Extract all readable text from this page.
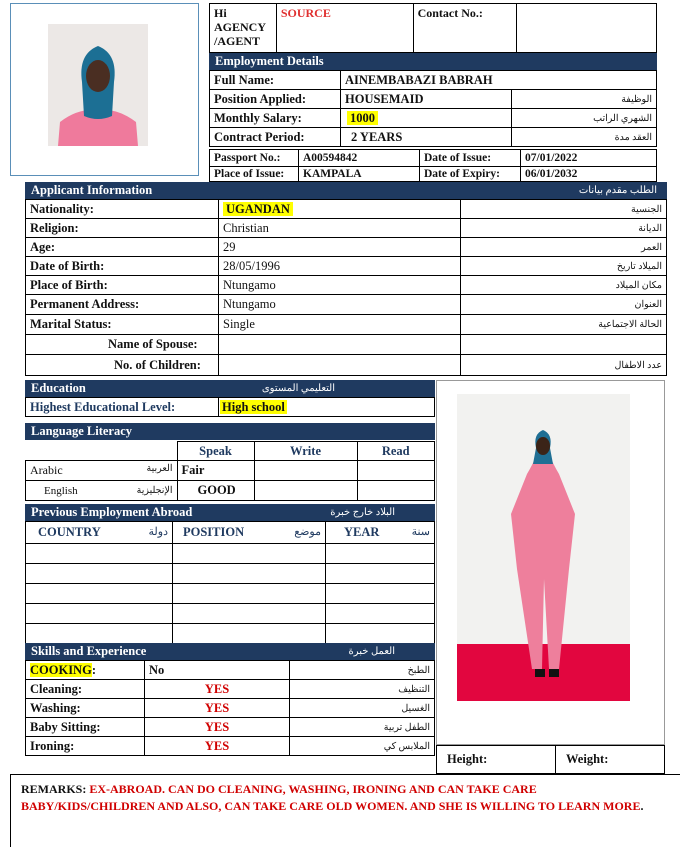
Hi AGENCY /AGENT	SOURCE	Contact No.:	
Employment Details
Full Name:	AINEMBABAZI BABRAH	
Position Applied:	HOUSEMAID	الوظيفة
Monthly Salary:	1000	الشهري الراتب
Contract Period:	2 YEARS	العقد مدة
Passport No.:	A00594842	Date of Issue:	07/01/2022
Place of Issue:	KAMPALA	Date of Expiry:	06/01/2032
Applicant Information	الطلب مقدم بيانات
Nationality:	UGANDAN	الجنسية
Religion:	Christian	الديانة
Age:	29	العمر
Date of Birth:	28/05/1996	الميلاد تاريخ
Place of Birth:	Ntungamo	مكان الميلاد
Permanent Address:	Ntungamo	العنوان
Marital Status:	Single	الحالة الاجتماعية
Name of Spouse:		
No. of Children:		عدد الاطفال
Education	التعليمي المستوى
Highest Educational Level:	High school
Language Literacy
	Speak	Write	Read
Arabic العربية	Fair		
English الإنجليزية	GOOD		
Previous Employment Abroad	البلاد خارج خبرة
COUNTRY دولة	POSITION موضع	YEAR سنة

Skills and Experience	العمل خبرة
COOKING:	No	الطبخ
Cleaning:	YES	التنظيف
Washing:	YES	الغسيل
Baby Sitting:	YES	الطفل تربية
Ironing:	YES	الملابس كي
Height:	Weight:
REMARKS: EX-ABROAD. CAN DO CLEANING, WASHING, IRONING AND CAN TAKE CARE BABY/KIDS/CHILDREN AND ALSO, CAN TAKE CARE OLD WOMEN. AND SHE IS WILLING TO LEARN MORE.
